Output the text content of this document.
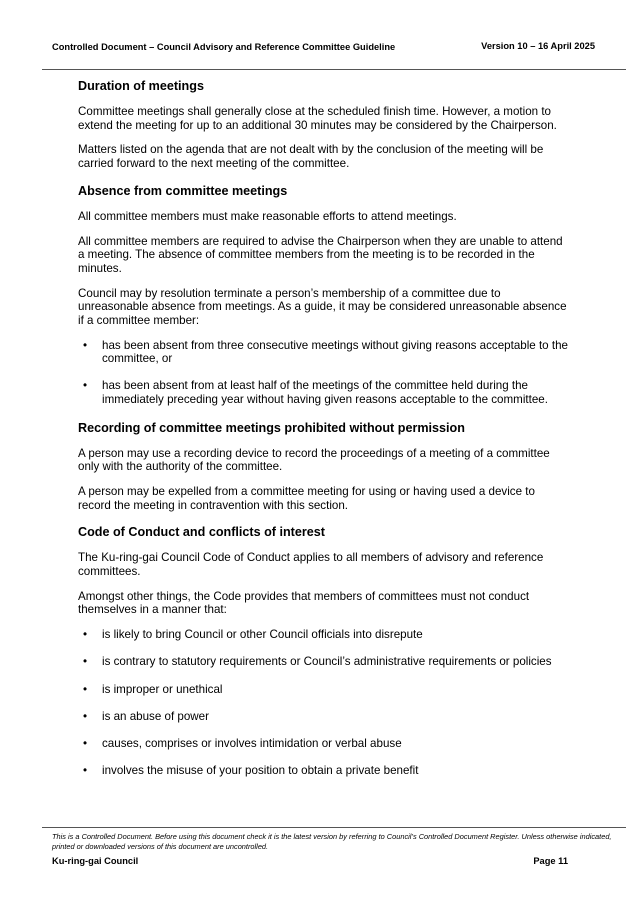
Controlled Document – Council Advisory and Reference Committee Guideline	Version 10 – 16 April 2025
Duration of meetings

Committee meetings shall generally close at the scheduled finish time. However, a motion to extend the meeting for up to an additional 30 minutes may be considered by the Chairperson.

Matters listed on the agenda that are not dealt with by the conclusion of the meeting will be carried forward to the next meeting of the committee.

Absence from committee meetings

All committee members must make reasonable efforts to attend meetings.

All committee members are required to advise the Chairperson when they are unable to attend a meeting. The absence of committee members from the meeting is to be recorded in the minutes.

Council may by resolution terminate a person’s membership of a committee due to unreasonable absence from meetings. As a guide, it may be considered unreasonable absence if a committee member:

• has been absent from three consecutive meetings without giving reasons acceptable to the committee, or
• has been absent from at least half of the meetings of the committee held during the immediately preceding year without having given reasons acceptable to the committee.
Recording of committee meetings prohibited without permission

A person may use a recording device to record the proceedings of a meeting of a committee only with the authority of the committee.

A person may be expelled from a committee meeting for using or having used a device to record the meeting in contravention with this section.

Code of Conduct and conflicts of interest

The Ku-ring-gai Council Code of Conduct applies to all members of advisory and reference committees.

Amongst other things, the Code provides that members of committees must not conduct themselves in a manner that:

• is likely to bring Council or other Council officials into disrepute
• is contrary to statutory requirements or Council’s administrative requirements or policies
• is improper or unethical
• is an abuse of power
• causes, comprises or involves intimidation or verbal abuse
• involves the misuse of your position to obtain a private benefit
This is a Controlled Document. Before using this document check it is the latest version by referring to Council’s Controlled Document Register. Unless otherwise indicated, printed or downloaded versions of this document are uncontrolled.
Ku-ring-gai Council	Page 11
